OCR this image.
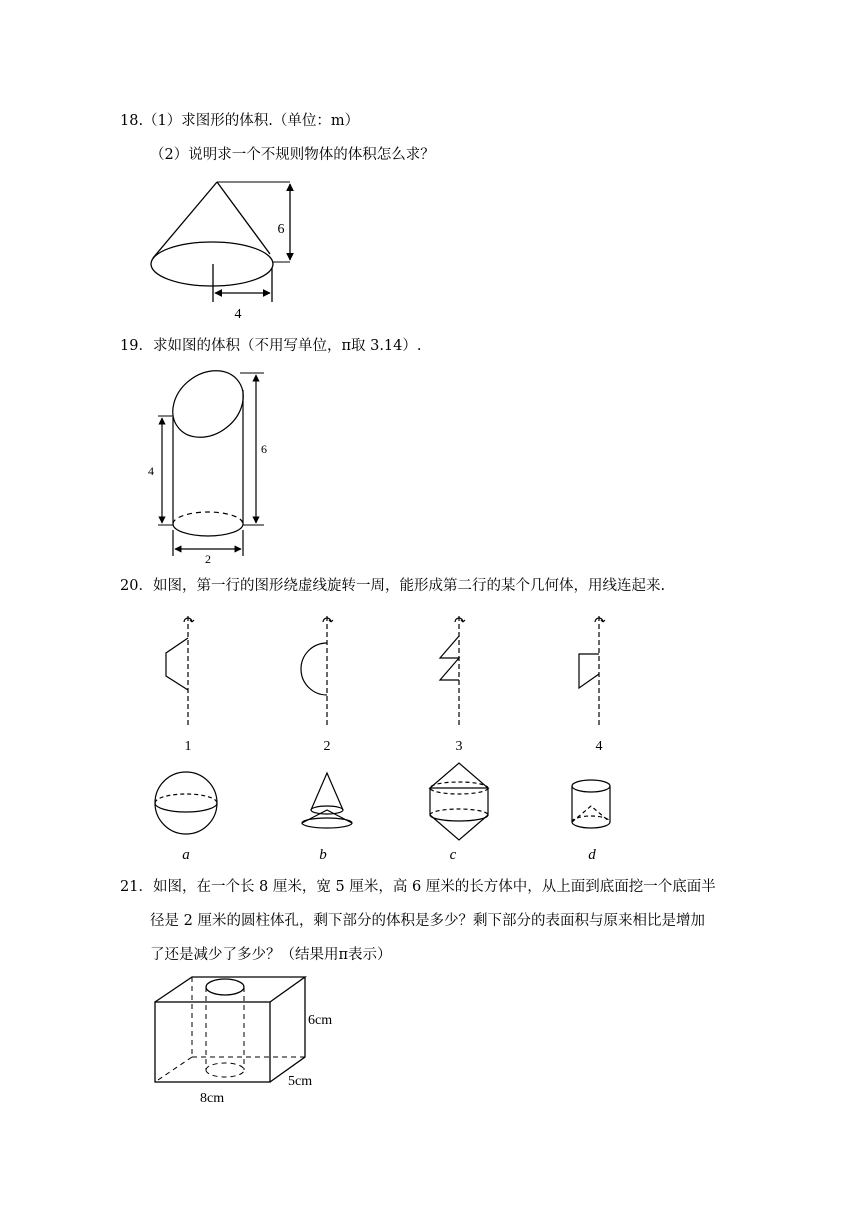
18.（1）求图形的体积.（单位：m）
（2）说明求一个不规则物体的体积怎么求？
6
4
19．求如图的体积（不用写单位，π取 3.14）.
4
6
2
20．如图，第一行的图形绕虚线旋转一周，能形成第二行的某个几何体，用线连起来.
1	2	3	4
a	b	c	d
21．如图，在一个长 8 厘米，宽 5 厘米，高 6 厘米的长方体中，从上面到底面挖一个底面半
径是 2 厘米的圆柱体孔，剩下部分的体积是多少？剩下部分的表面积与原来相比是增加
了还是减少了多少？（结果用π表示）
6cm
5cm
8cm
